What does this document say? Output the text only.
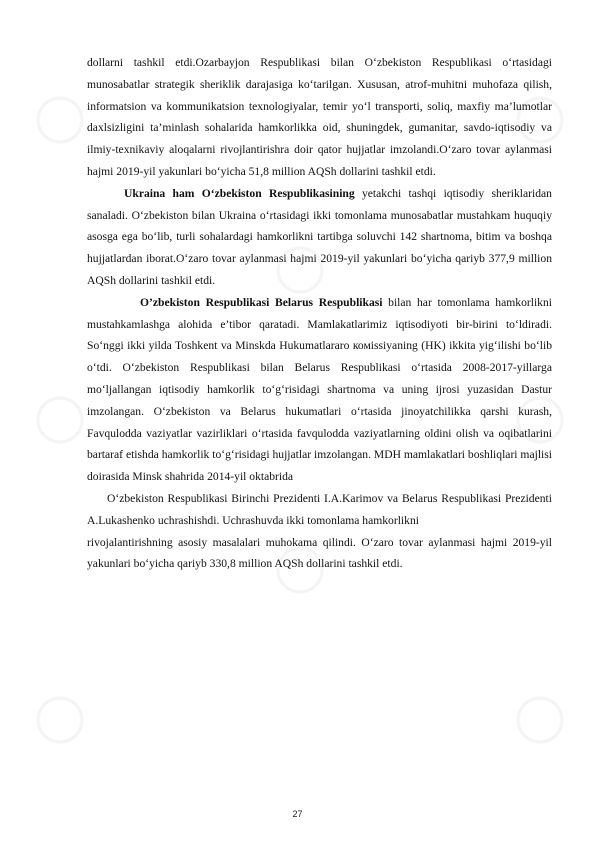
dollarni tashkil etdi.Ozarbayjon Respublikasi bilan O‘zbekiston Respublikasi o‘rtasidagi munosabatlar strategik sheriklik darajasiga ko‘tarilgan. Xususan, atrof-muhitni muhofaza qilish, informatsion va kommunikatsion texnologiyalar, temir yo‘l transporti, soliq, maxfiy ma’lumotlar daxlsizligini ta’minlash sohalarida hamkorlikka oid, shuningdek, gumanitar, savdo-iqtisodiy va ilmiy-texnikaviy aloqalarni rivojlantirishra doir qator hujjatlar imzolandi.O‘zaro tovar aylanmasi hajmi 2019-yil yakunlari bo‘yicha 51,8 million AQSh dollarini tashkil etdi.

Ukraina ham O‘zbekiston Respublikasining yetakchi tashqi iqtisodiy sheriklaridan sanaladi. O‘zbekiston bilan Ukraina o‘rtasidagi ikki tomonlama munosabatlar mustahkam huquqiy asosga ega bo‘lib, turli sohalardagi hamkorlikni tartibga soluvchi 142 shartnoma, bitim va boshqa hujjatlardan iborat.O‘zaro tovar aylanmasi hajmi 2019-yil yakunlari bo‘yicha qariyb 377,9 million AQSh dollarini tashkil etdi.

O’zbekiston Respublikasi Belarus Respublikasi bilan har tomonlama hamkorlikni mustahkamlashga alohida e’tibor qaratadi. Mamlakatlarimiz iqtisodiyoti bir-birini to‘ldiradi. So‘nggi ikki yilda Toshkent va Minskda Hukumatlararo комissiyaning (HK) ikkita yig‘ilishi bo‘lib o‘tdi. O‘zbekiston Respublikasi bilan Belarus Respublikasi o‘rtasida 2008-2017-yillarga mo‘ljallangan iqtisodiy hamkorlik to‘g‘risidagi shartnoma va uning ijrosi yuzasidan Dastur imzolangan. O‘zbekiston va Belarus hukumatlari o‘rtasida jinoyatchilikka qarshi kurash, Favqulodda vaziyatlar vazirliklari o‘rtasida favqulodda vaziyatlarning oldini olish va oqibatlarini bartaraf etishda hamkorlik to‘g‘risidagi hujjatlar imzolangan. MDH mamlakatlari boshliqlari majlisi doirasida Minsk shahrida 2014-yil oktabrida

O‘zbekiston Respublikasi Birinchi Prezidenti I.A.Karimov va Belarus Respublikasi Prezidenti A.Lukashenko uchrashishdi. Uchrashuvda ikki tomonlama hamkorlikni

rivojalantirishning asosiy masalalari muhokama qilindi. O‘zaro tovar aylanmasi hajmi 2019-yil yakunlari bo‘yicha qariyb 330,8 million AQSh dollarini tashkil etdi.

27
